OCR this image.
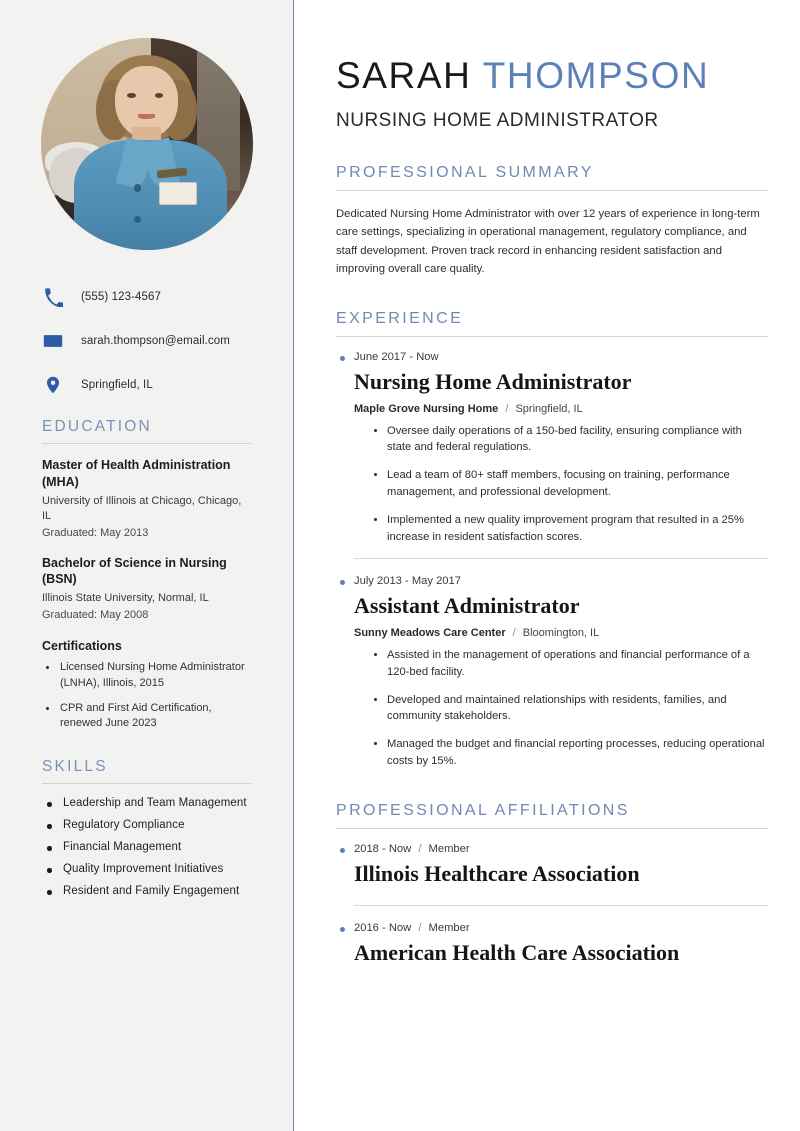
(555) 123-4567
sarah.thompson@email.com
Springfield, IL
EDUCATION
Master of Health Administration (MHA)
University of Illinois at Chicago, Chicago, IL
Graduated: May 2013
Bachelor of Science in Nursing (BSN)
Illinois State University, Normal, IL
Graduated: May 2008
Certifications
Licensed Nursing Home Administrator (LNHA), Illinois, 2015
CPR and First Aid Certification, renewed June 2023
SKILLS
Leadership and Team Management
Regulatory Compliance
Financial Management
Quality Improvement Initiatives
Resident and Family Engagement
SARAH THOMPSON
NURSING HOME ADMINISTRATOR
PROFESSIONAL SUMMARY

Dedicated Nursing Home Administrator with over 12 years of experience in long-term care settings, specializing in operational management, regulatory compliance, and staff development. Proven track record in enhancing resident satisfaction and improving overall care quality.

EXPERIENCE
June 2017 - Now
Nursing Home Administrator
Maple Grove Nursing Home / Springfield, IL
Oversee daily operations of a 150-bed facility, ensuring compliance with state and federal regulations.
Lead a team of 80+ staff members, focusing on training, performance management, and professional development.
Implemented a new quality improvement program that resulted in a 25% increase in resident satisfaction scores.
July 2013 - May 2017
Assistant Administrator
Sunny Meadows Care Center / Bloomington, IL
Assisted in the management of operations and financial performance of a 120-bed facility.
Developed and maintained relationships with residents, families, and community stakeholders.
Managed the budget and financial reporting processes, reducing operational costs by 15%.
PROFESSIONAL AFFILIATIONS
2018 - Now / Member
Illinois Healthcare Association
2016 - Now / Member
American Health Care Association
